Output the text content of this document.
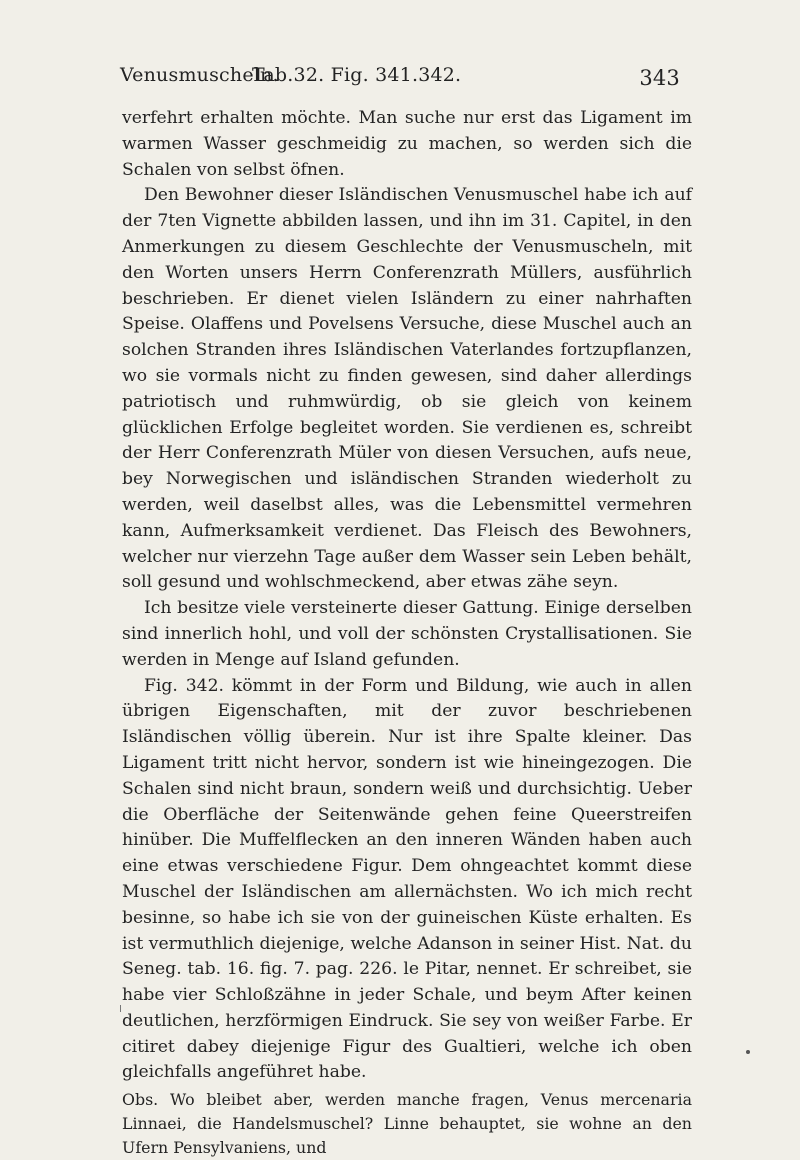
Venusmuscheln.
Tab.32. Fig. 341.342.	343

verfehrt erhalten möchte. Man suche nur erst das Ligament im warmen Wasser geschmeidig zu machen, so werden sich die Schalen von selbst öfnen.

Den Bewohner dieser Isländischen Venusmuschel habe ich auf der 7ten Vignette abbilden lassen, und ihn im 31. Capitel, in den Anmerkungen zu diesem Geschlechte der Venusmuscheln, mit den Worten unsers Herrn Conferenzrath Müllers, ausführlich beschrieben. Er dienet vielen Isländern zu einer nahrhaften Speise. Olaffens und Povelsens Versuche, diese Muschel auch an solchen Stranden ihres Isländischen Vaterlandes fortzupflanzen, wo sie vormals nicht zu finden gewesen, sind daher allerdings patriotisch und ruhmwürdig, ob sie gleich von keinem glücklichen Erfolge begleitet worden. Sie verdienen es, schreibt der Herr Conferenzrath Müler von diesen Versuchen, aufs neue, bey Norwegischen und isländischen Stranden wiederholt zu werden, weil daselbst alles, was die Lebensmittel vermehren kann, Aufmerksamkeit verdienet. Das Fleisch des Bewohners, welcher nur vierzehn Tage außer dem Wasser sein Leben behält, soll gesund und wohlschmeckend, aber etwas zähe seyn.

Ich besitze viele versteinerte dieser Gattung. Einige derselben sind innerlich hohl, und voll der schönsten Crystallisationen. Sie werden in Menge auf Island gefunden.

Fig. 342. kömmt in der Form und Bildung, wie auch in allen übrigen Eigenschaften, mit der zuvor beschriebenen Isländischen völlig überein. Nur ist ihre Spalte kleiner. Das Ligament tritt nicht hervor, sondern ist wie hineingezogen. Die Schalen sind nicht braun, sondern weiß und durchsichtig. Ueber die Oberfläche der Seitenwände gehen feine Queerstreifen hinüber. Die Muffelflecken an den inneren Wänden haben auch eine etwas verschiedene Figur. Dem ohngeachtet kommt diese Muschel der Isländischen am allernächsten. Wo ich mich recht besinne, so habe ich sie von der guineischen Küste erhalten. Es ist vermuthlich diejenige, welche Adanson in seiner Hist. Nat. du Seneg. tab. 16. fig. 7. pag. 226. le Pitar, nennet. Er schreibet, sie habe vier Schloßzähne in jeder Schale, und beym After keinen deutlichen, herzförmigen Eindruck. Sie sey von weißer Farbe. Er citiret dabey diejenige Figur des Gualtieri, welche ich oben gleichfalls angeführet habe.

Obs. Wo bleibet aber, werden manche fragen, Venus mercenaria Linnaei, die Handelsmuschel? Linne behauptet, sie wohne an den Ufern Pensylvaniens, und
